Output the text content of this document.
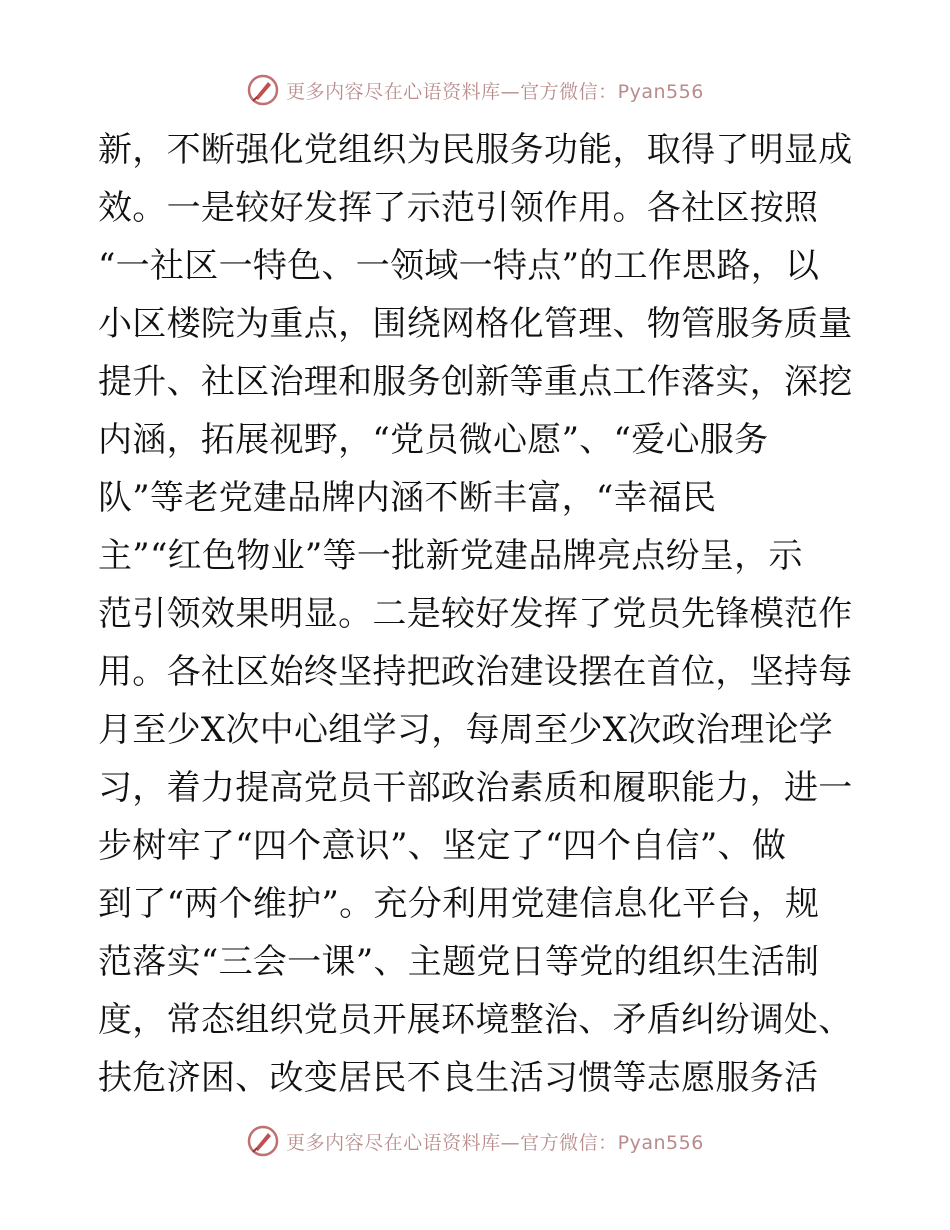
更多内容尽在心语资料库—官方微信：Pyan556
新，不断强化党组织为民服务功能，取得了明显成
效。一是较好发挥了示范引领作用。各社区按照
“一社区一特色、一领域一特点”的工作思路，以
小区楼院为重点，围绕网格化管理、物管服务质量
提升、社区治理和服务创新等重点工作落实，深挖
内涵，拓展视野，“党员微心愿”、“爱心服务
队”等老党建品牌内涵不断丰富，“幸福民
主”“红色物业”等一批新党建品牌亮点纷呈，示
范引领效果明显。二是较好发挥了党员先锋模范作
用。各社区始终坚持把政治建设摆在首位，坚持每
月至少X次中心组学习，每周至少X次政治理论学
习，着力提高党员干部政治素质和履职能力，进一
步树牢了“四个意识”、坚定了“四个自信”、做
到了“两个维护”。充分利用党建信息化平台，规
范落实“三会一课”、主题党日等党的组织生活制
度，常态组织党员开展环境整治、矛盾纠纷调处、
扶危济困、改变居民不良生活习惯等志愿服务活
更多内容尽在心语资料库—官方微信：Pyan556
